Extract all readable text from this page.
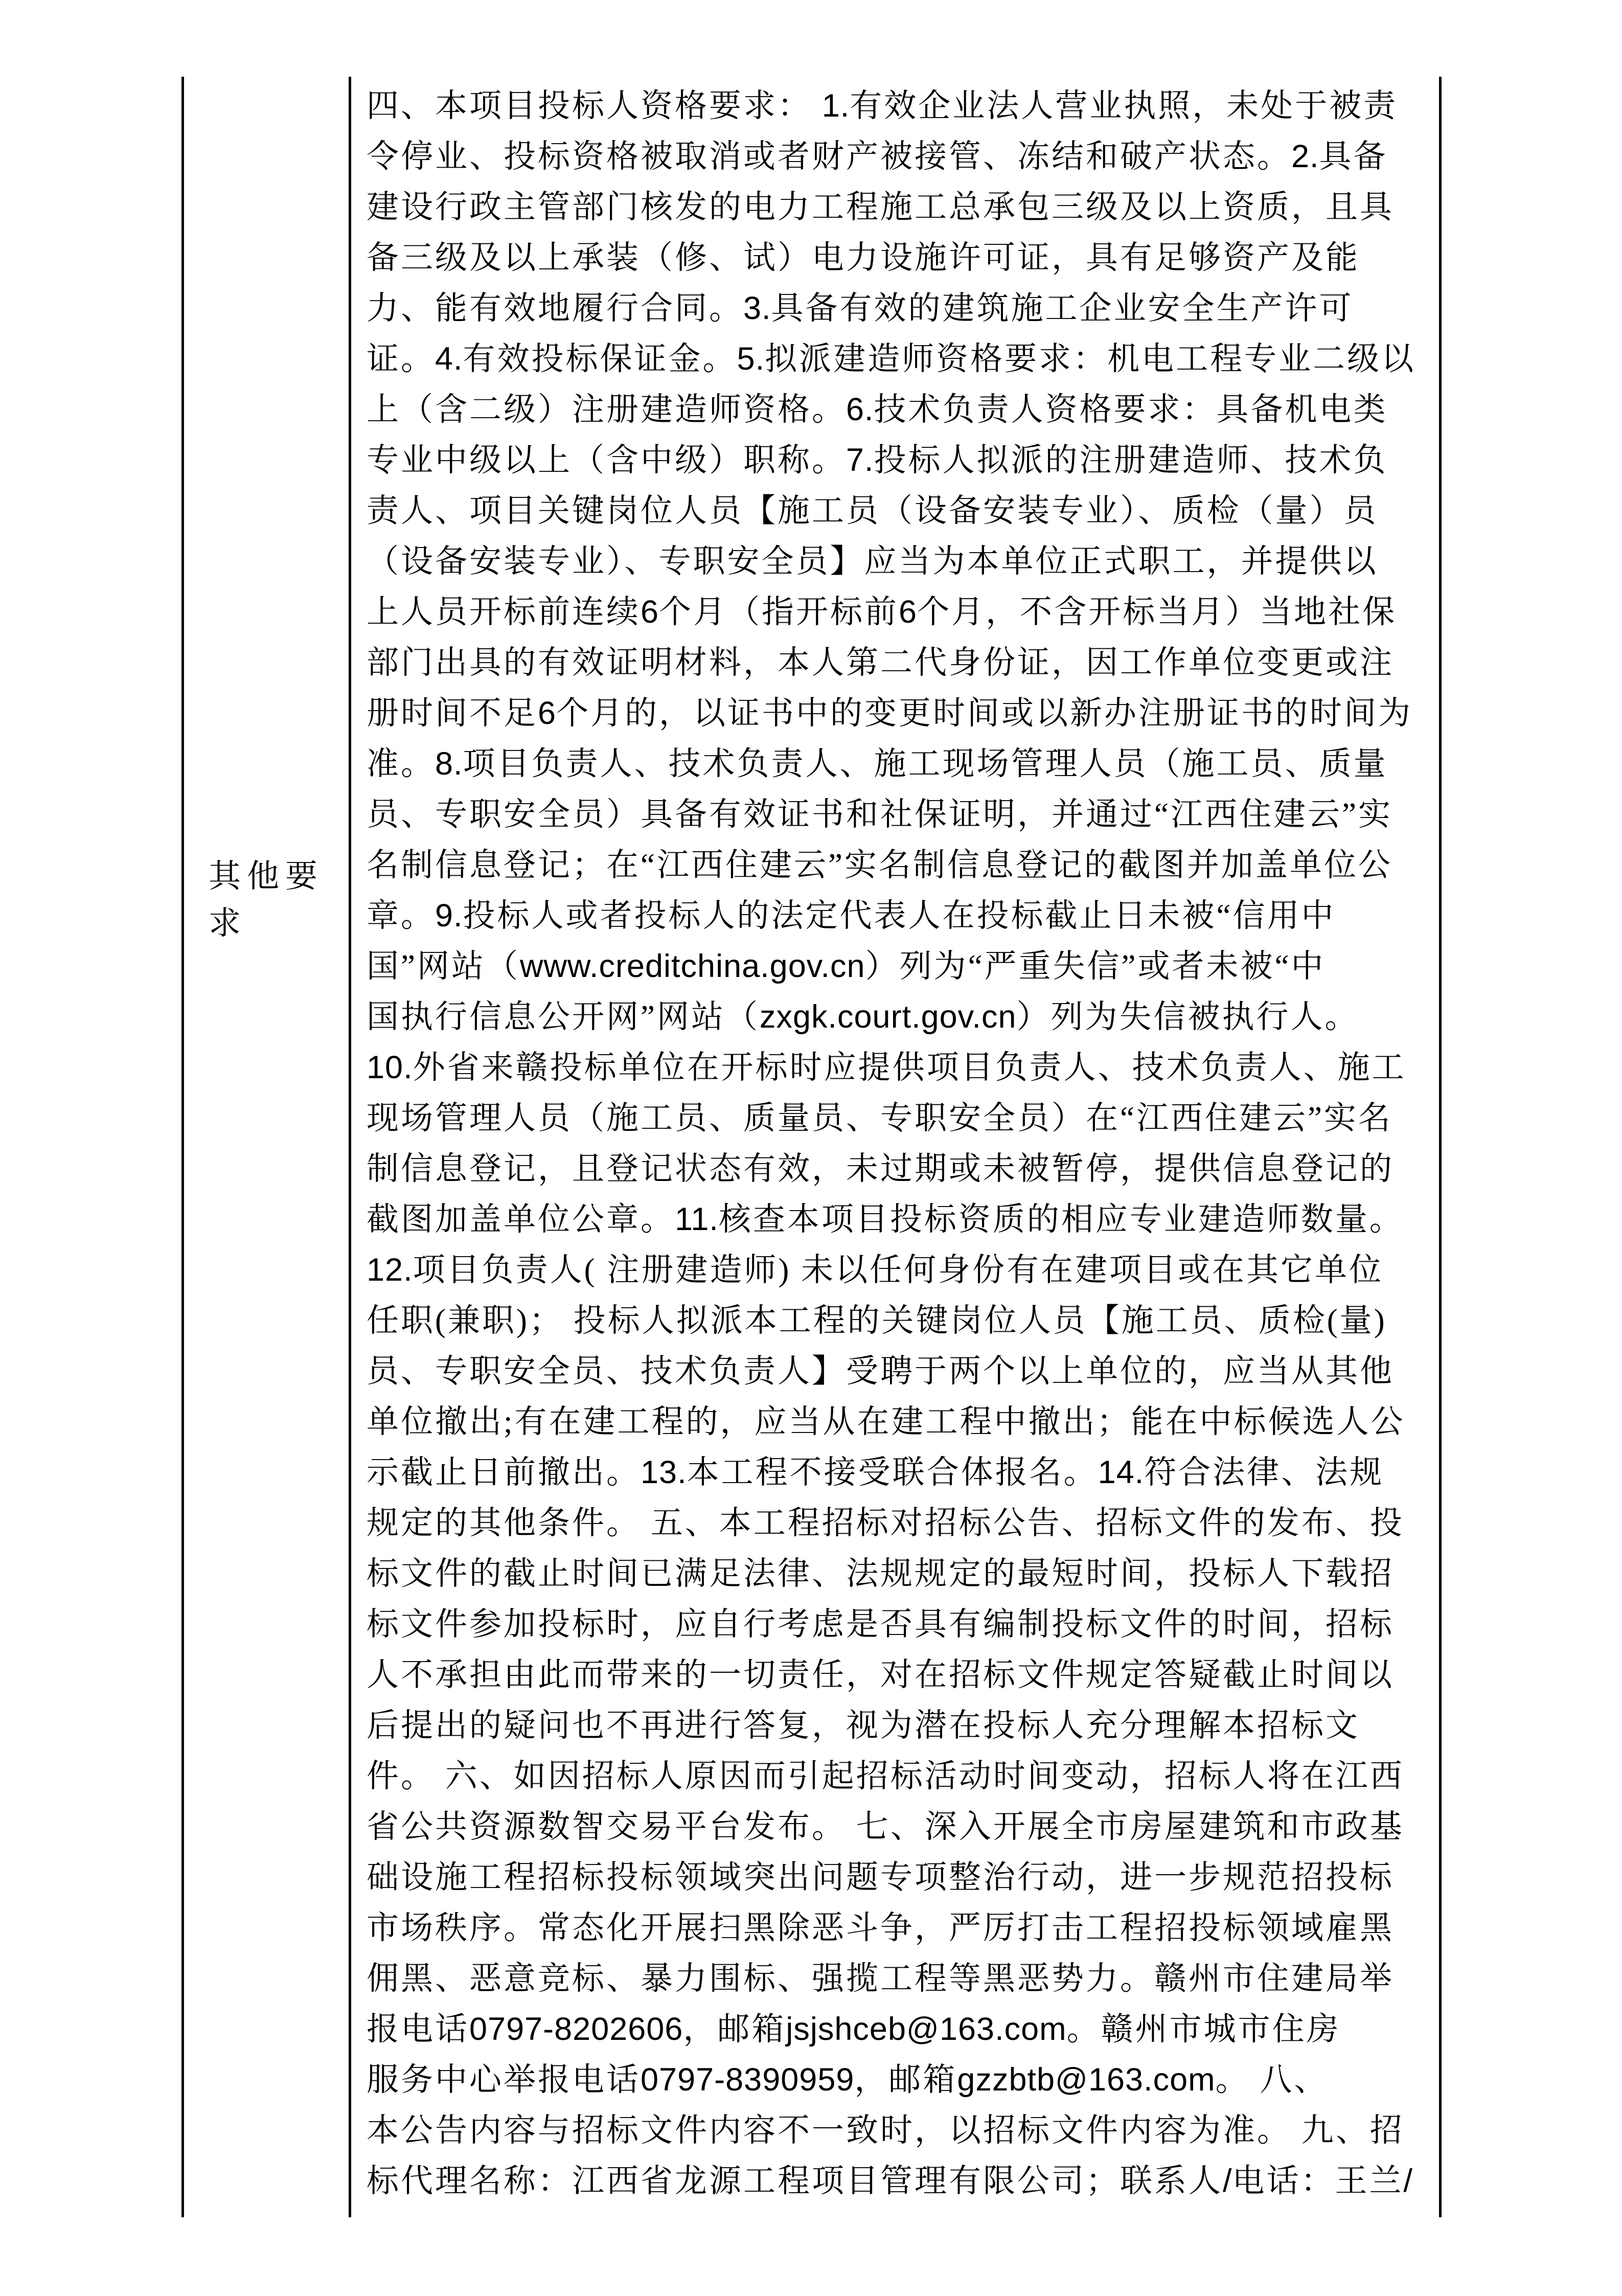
其他要求
四、本项目投标人资格要求： 1.有效企业法人营业执照，未处于被责
令停业、投标资格被取消或者财产被接管、冻结和破产状态。2.具备
建设行政主管部门核发的电力工程施工总承包三级及以上资质，且具
备三级及以上承装（修、试）电力设施许可证，具有足够资产及能
力、能有效地履行合同。3.具备有效的建筑施工企业安全生产许可
证。4.有效投标保证金。5.拟派建造师资格要求：机电工程专业二级以
上（含二级）注册建造师资格。6.技术负责人资格要求：具备机电类
专业中级以上（含中级）职称。7.投标人拟派的注册建造师、技术负
责人、项目关键岗位人员【施工员（设备安装专业）、质检（量）员
（设备安装专业）、专职安全员】应当为本单位正式职工，并提供以
上人员开标前连续6个月（指开标前6个月，不含开标当月）当地社保
部门出具的有效证明材料，本人第二代身份证，因工作单位变更或注
册时间不足6个月的，以证书中的变更时间或以新办注册证书的时间为
准。8.项目负责人、技术负责人、施工现场管理人员（施工员、质量
员、专职安全员）具备有效证书和社保证明，并通过“江西住建云”实
名制信息登记；在“江西住建云”实名制信息登记的截图并加盖单位公
章。9.投标人或者投标人的法定代表人在投标截止日未被“信用中
国”网站（www.creditchina.gov.cn）列为“严重失信”或者未被“中
国执行信息公开网”网站（zxgk.court.gov.cn）列为失信被执行人。
10.外省来赣投标单位在开标时应提供项目负责人、技术负责人、施工
现场管理人员（施工员、质量员、专职安全员）在“江西住建云”实名
制信息登记，且登记状态有效，未过期或未被暂停，提供信息登记的
截图加盖单位公章。11.核查本项目投标资质的相应专业建造师数量。
12.项目负责人( 注册建造师) 未以任何身份有在建项目或在其它单位
任职(兼职)； 投标人拟派本工程的关键岗位人员【施工员、质检(量)
员、专职安全员、技术负责人】受聘于两个以上单位的，应当从其他
单位撤出;有在建工程的，应当从在建工程中撤出；能在中标候选人公
示截止日前撤出。13.本工程不接受联合体报名。14.符合法律、法规
规定的其他条件。 五、本工程招标对招标公告、招标文件的发布、投
标文件的截止时间已满足法律、法规规定的最短时间，投标人下载招
标文件参加投标时，应自行考虑是否具有编制投标文件的时间，招标
人不承担由此而带来的一切责任，对在招标文件规定答疑截止时间以
后提出的疑问也不再进行答复，视为潜在投标人充分理解本招标文
件。 六、如因招标人原因而引起招标活动时间变动，招标人将在江西
省公共资源数智交易平台发布。 七、深入开展全市房屋建筑和市政基
础设施工程招标投标领域突出问题专项整治行动，进一步规范招投标
市场秩序。常态化开展扫黑除恶斗争，严厉打击工程招投标领域雇黑
佣黑、恶意竞标、暴力围标、强揽工程等黑恶势力。赣州市住建局举
报电话0797-8202606，邮箱jsjshceb@163.com。赣州市城市住房
服务中心举报电话0797-8390959，邮箱gzzbtb@163.com。 八、
本公告内容与招标文件内容不一致时，以招标文件内容为准。 九、招
标代理名称：江西省龙源工程项目管理有限公司；联系人/电话：王兰/
